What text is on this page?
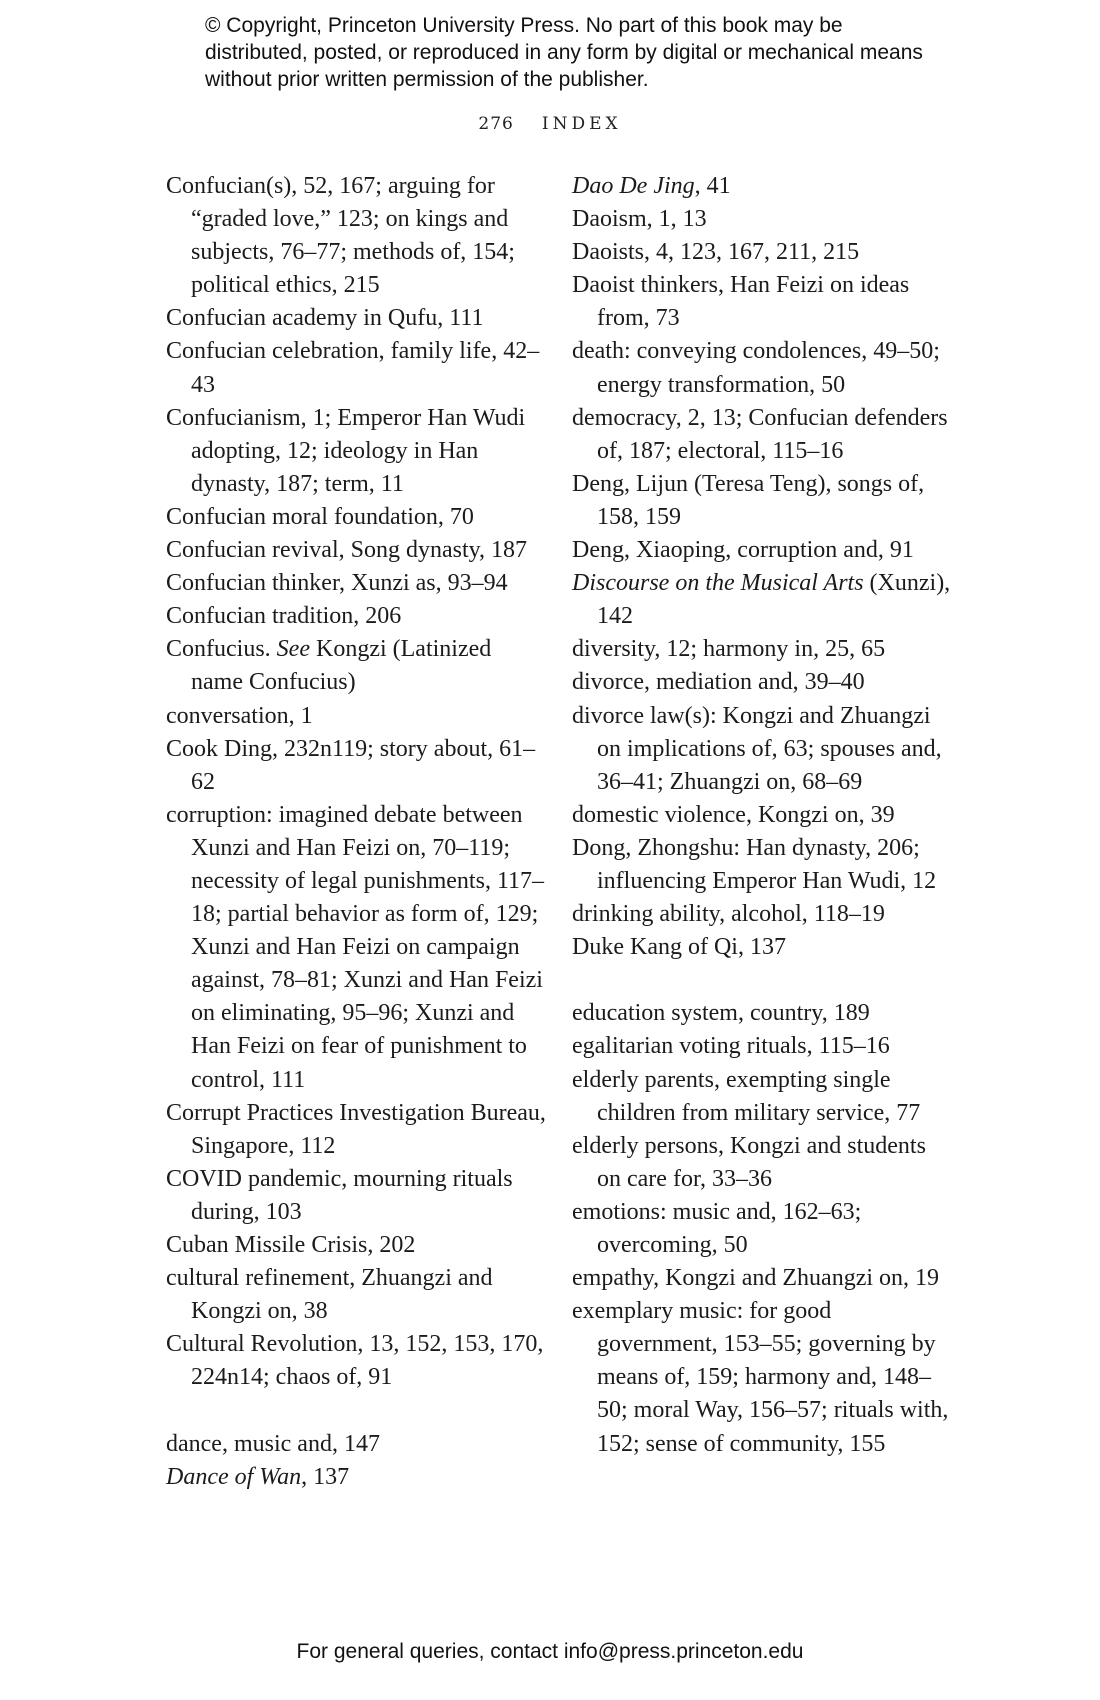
© Copyright, Princeton University Press. No part of this book may be distributed, posted, or reproduced in any form by digital or mechanical means without prior written permission of the publisher.
276 INDEX
Confucian(s), 52, 167; arguing for “graded love,” 123; on kings and subjects, 76–77; methods of, 154; political ethics, 215
Confucian academy in Qufu, 111
Confucian celebration, family life, 42–43
Confucianism, 1; Emperor Han Wudi adopting, 12; ideology in Han dynasty, 187; term, 11
Confucian moral foundation, 70
Confucian revival, Song dynasty, 187
Confucian thinker, Xunzi as, 93–94
Confucian tradition, 206
Confucius. See Kongzi (Latinized name Confucius)
conversation, 1
Cook Ding, 232n119; story about, 61–62
corruption: imagined debate between Xunzi and Han Feizi on, 70–119; necessity of legal punishments, 117–18; partial behavior as form of, 129; Xunzi and Han Feizi on campaign against, 78–81; Xunzi and Han Feizi on eliminating, 95–96; Xunzi and Han Feizi on fear of punishment to control, 111
Corrupt Practices Investigation Bureau, Singapore, 112
COVID pandemic, mourning rituals during, 103
Cuban Missile Crisis, 202
cultural refinement, Zhuangzi and Kongzi on, 38
Cultural Revolution, 13, 152, 153, 170, 224n14; chaos of, 91
dance, music and, 147
Dance of Wan, 137
Dao De Jing, 41
Daoism, 1, 13
Daoists, 4, 123, 167, 211, 215
Daoist thinkers, Han Feizi on ideas from, 73
death: conveying condolences, 49–50; energy transformation, 50
democracy, 2, 13; Confucian defenders of, 187; electoral, 115–16
Deng, Lijun (Teresa Teng), songs of, 158, 159
Deng, Xiaoping, corruption and, 91
Discourse on the Musical Arts (Xunzi), 142
diversity, 12; harmony in, 25, 65
divorce, mediation and, 39–40
divorce law(s): Kongzi and Zhuangzi on implications of, 63; spouses and, 36–41; Zhuangzi on, 68–69
domestic violence, Kongzi on, 39
Dong, Zhongshu: Han dynasty, 206; influencing Emperor Han Wudi, 12
drinking ability, alcohol, 118–19
Duke Kang of Qi, 137
education system, country, 189
egalitarian voting rituals, 115–16
elderly parents, exempting single children from military service, 77
elderly persons, Kongzi and students on care for, 33–36
emotions: music and, 162–63; overcoming, 50
empathy, Kongzi and Zhuangzi on, 19
exemplary music: for good government, 153–55; governing by means of, 159; harmony and, 148–50; moral Way, 156–57; rituals with, 152; sense of community, 155
For general queries, contact info@press.princeton.edu
